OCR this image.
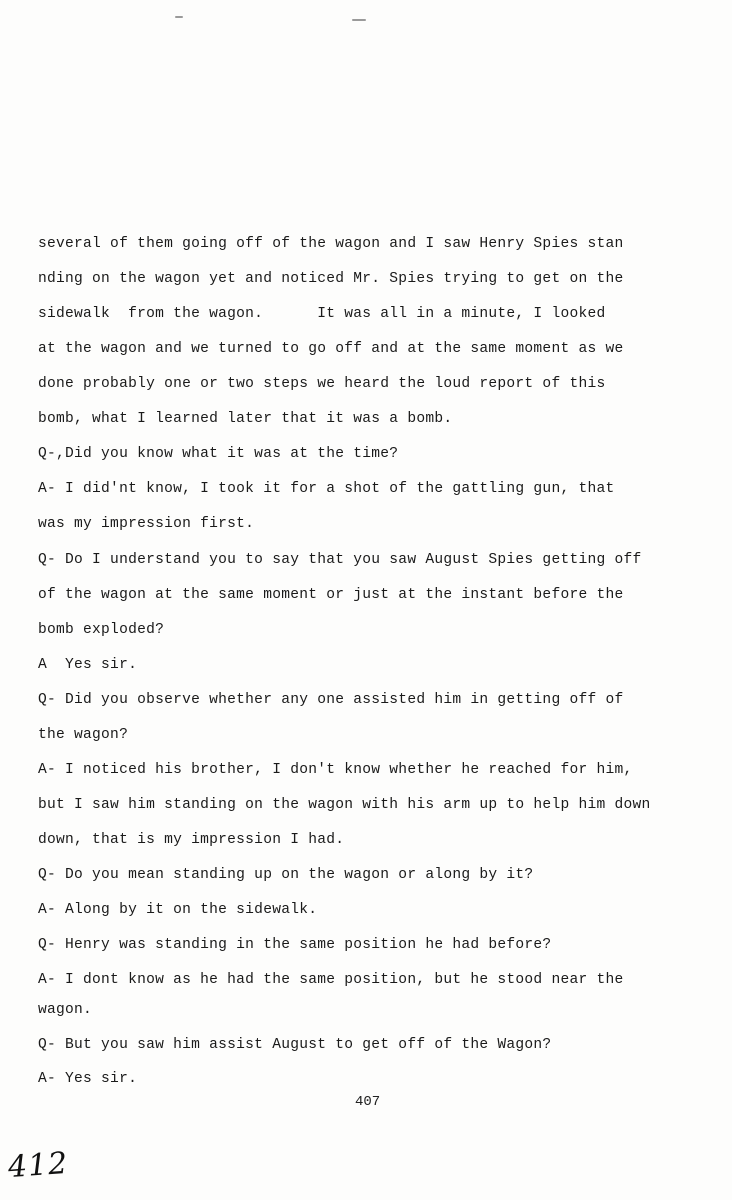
several of them going off of the wagon and I saw Henry Spies stan
nding on the wagon yet and noticed Mr. Spies trying to get on the
sidewalk  from the wagon.      It was all in a minute, I looked
at the wagon and we turned to go off and at the same moment as we
done probably one or two steps we heard the loud report of this
bomb, what I learned later that it was a bomb.
Q-,Did you know what it was at the time?
A- I did'nt know, I took it for a shot of the gattling gun, that
was my impression first.
Q- Do I understand you to say that you saw August Spies getting off
of the wagon at the same moment or just at the instant before the
bomb exploded?
A  Yes sir.
Q- Did you observe whether any one assisted him in getting off of
the wagon?
A- I noticed his brother, I don't know whether he reached for him,
but I saw him standing on the wagon with his arm up to help him down
down, that is my impression I had.
Q- Do you mean standing up on the wagon or along by it?
A- Along by it on the sidewalk.
Q- Henry was standing in the same position he had before?
A- I dont know as he had the same position, but he stood near the
wagon.
Q- But you saw him assist August to get off of the Wagon?
A- Yes sir.
407
412
